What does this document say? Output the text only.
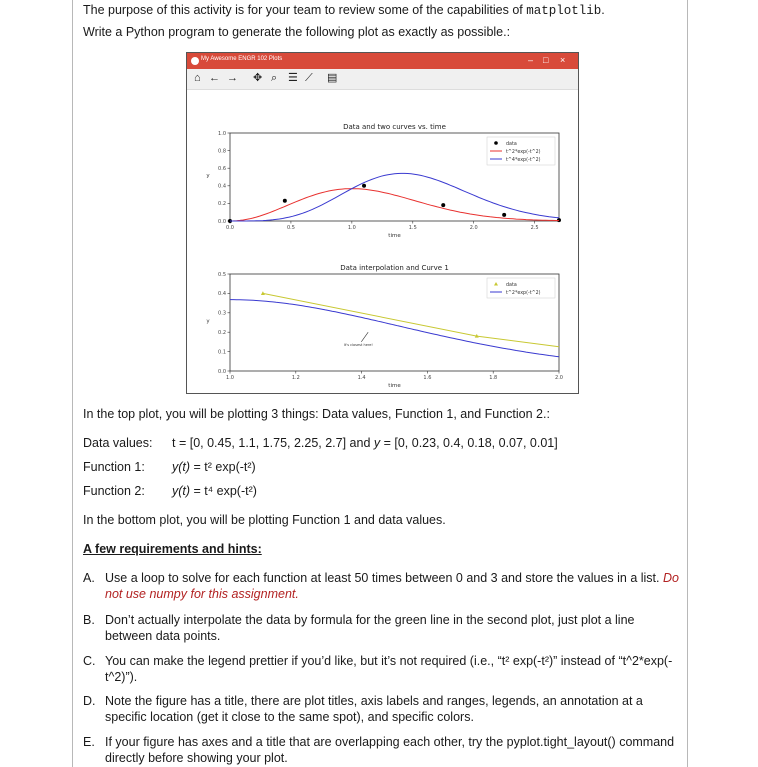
The purpose of this activity is for your team to review some of the capabilities of matplotlib.
Write a Python program to generate the following plot as exactly as possible.:
My Awesome ENGR 102 Plots	– □ ×
⌂ ← → ✥ ⌕ ☰ ⟋ ▤
Data and two curves vs. time
time
y
0.0	0.5	1.0	1.5	2.0	2.5
0.0
0.2
0.4
0.6
0.8
1.0
data
t^2*exp(-t^2)
t^4*exp(-t^2)
Data interpolation and Curve 1
time
y
1.0	1.2	1.4	1.6	1.8	2.0
0.0
0.1
0.2
0.3
0.4
0.5
It's closest here!
data
t^2*exp(-t^2)
In the top plot, you will be plotting 3 things: Data values, Function 1, and Function 2.:
Data values: t = [0, 0.45, 1.1, 1.75, 2.25, 2.7] and y = [0, 0.23, 0.4, 0.18, 0.07, 0.01]
Function 1: y(t) = t² exp(-t²)
Function 2: y(t) = t⁴ exp(-t²)
In the bottom plot, you will be plotting Function 1 and data values.
A few requirements and hints:
A. Use a loop to solve for each function at least 50 times between 0 and 3 and store the values in a list. Do not use numpy for this assignment.
B. Don’t actually interpolate the data by formula for the green line in the second plot, just plot a line between data points.
C. You can make the legend prettier if you’d like, but it’s not required (i.e., “t² exp(-t²)” instead of “t^2*exp(-t^2)”).
D. Note the figure has a title, there are plot titles, axis labels and ranges, legends, an annotation at a specific location (get it close to the same spot), and specific colors.
E. If your figure has axes and a title that are overlapping each other, try the pyplot.tight_layout() command directly before showing your plot.
